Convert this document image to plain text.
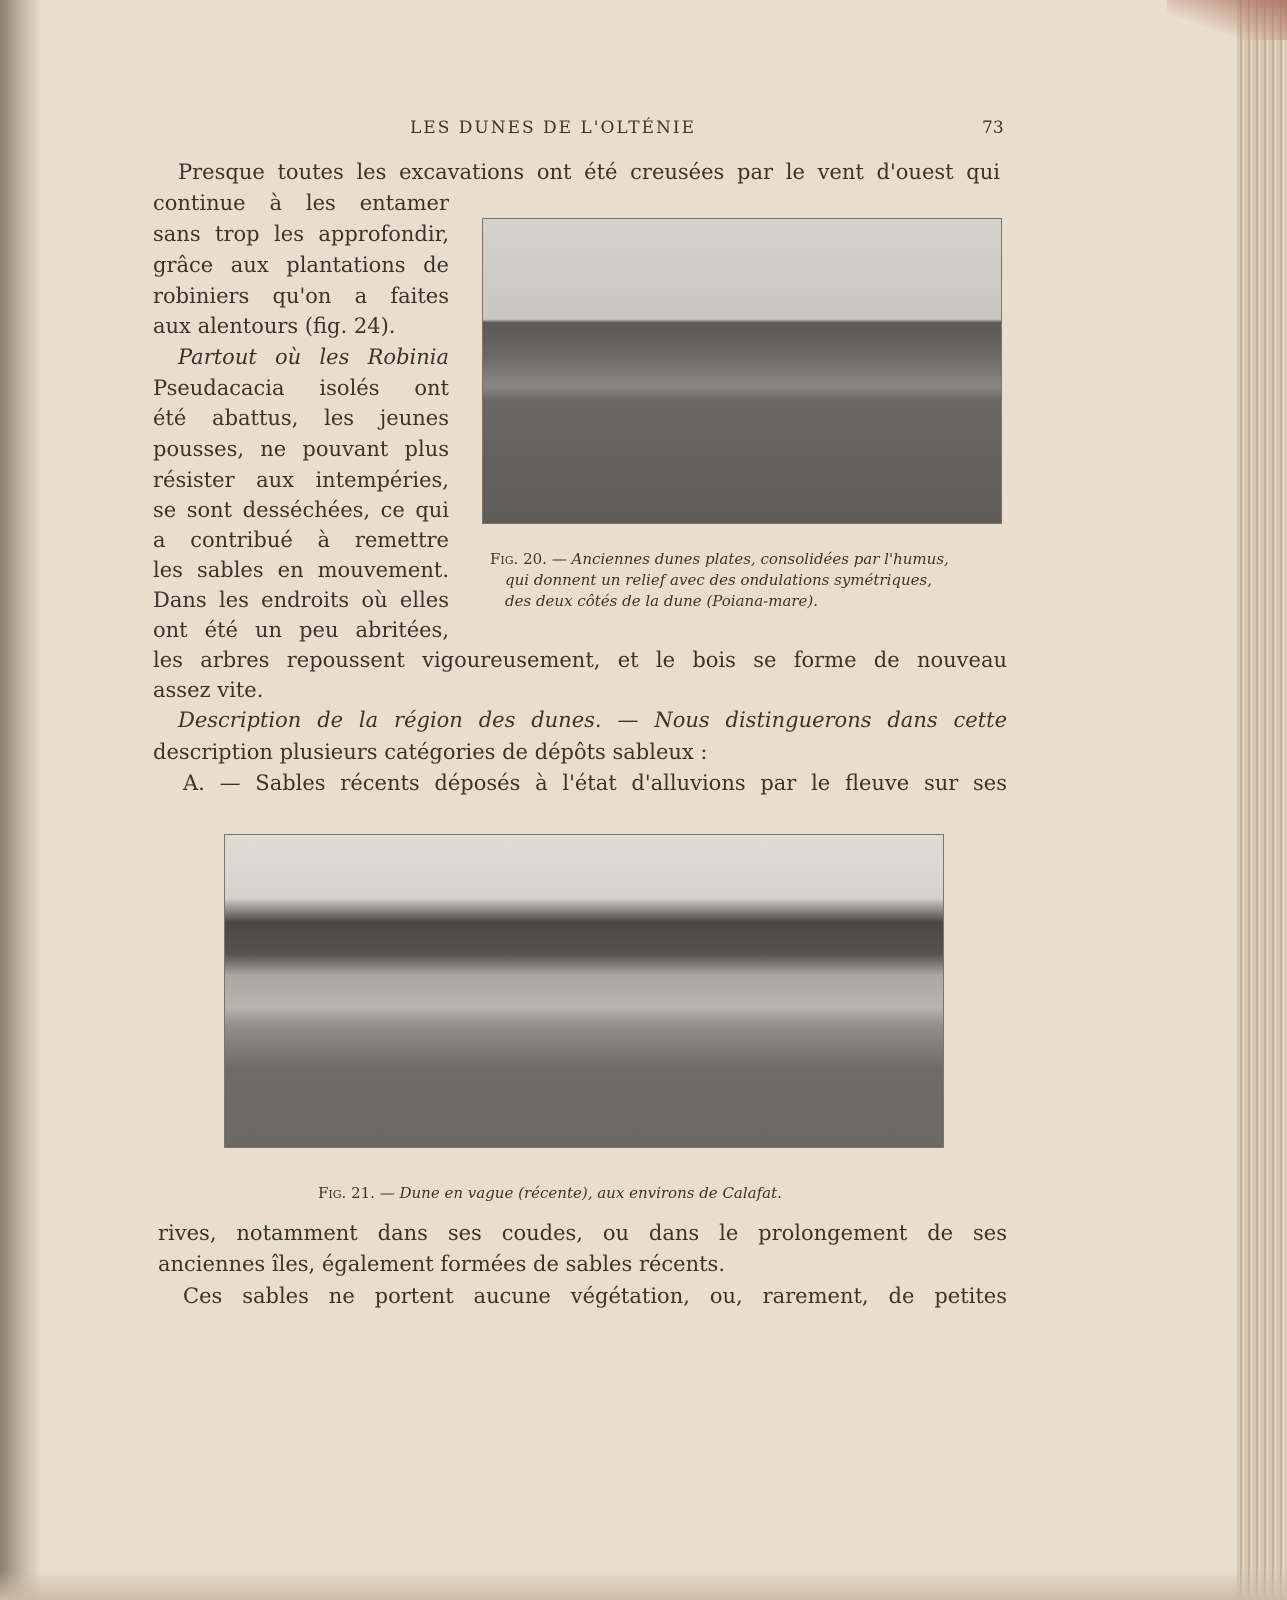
LES DUNES DE L'OLTÉNIE	73
Presque toutes les excavations ont été creusées par le vent d'ouest qui
continue à les entamer
sans trop les approfondir,
grâce aux plantations de
robiniers qu'on a faites
aux alentours (fig. 24).
Partout où les Robinia
Pseudacacia isolés ont
été abattus, les jeunes
pousses, ne pouvant plus
résister aux intempéries,
se sont desséchées, ce qui
a contribué à remettre
les sables en mouvement.
Dans les endroits où elles
ont été un peu abritées,
les arbres repoussent vigoureusement, et le bois se forme de nouveau
assez vite.
Description de la région des dunes. — Nous distinguerons dans cette
description plusieurs catégories de dépôts sableux :
A. — Sables récents déposés à l'état d'alluvions par le fleuve sur ses
Fig. 20. — Anciennes dunes plates, consolidées par l'humus,
qui donnent un relief avec des ondulations symétriques,
des deux côtés de la dune (Poiana-mare).
Fig. 21. — Dune en vague (récente), aux environs de Calafat.
rives, notamment dans ses coudes, ou dans le prolongement de ses
anciennes îles, également formées de sables récents.
Ces sables ne portent aucune végétation, ou, rarement, de petites
